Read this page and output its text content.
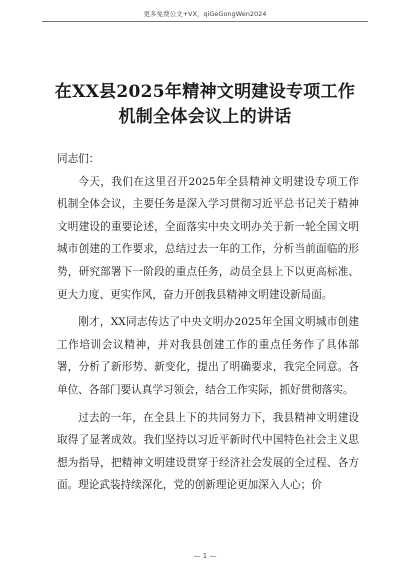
更多免费公文+VX，qiGeGongWen2024
在XX县2025年精神文明建设专项工作
机制全体会议上的讲话

同志们：

今天，我们在这里召开2025年全县精神文明建设专项工作机制全体会议，主要任务是深入学习贯彻习近平总书记关于精神文明建设的重要论述，全面落实中央文明办关于新一轮全国文明城市创建的工作要求，总结过去一年的工作，分析当前面临的形势，研究部署下一阶段的重点任务，动员全县上下以更高标准、更大力度、更实作风，奋力开创我县精神文明建设新局面。

刚才，XX同志传达了中央文明办2025年全国文明城市创建工作培训会议精神，并对我县创建工作的重点任务作了具体部署，分析了新形势、新变化，提出了明确要求，我完全同意。各单位、各部门要认真学习领会，结合工作实际，抓好贯彻落实。

过去的一年，在全县上下的共同努力下，我县精神文明建设取得了显著成效。我们坚持以习近平新时代中国特色社会主义思想为指导，把精神文明建设贯穿于经济社会发展的全过程、各方面。理论武装持续深化，党的创新理论更加深入人心；价

— 1 —
